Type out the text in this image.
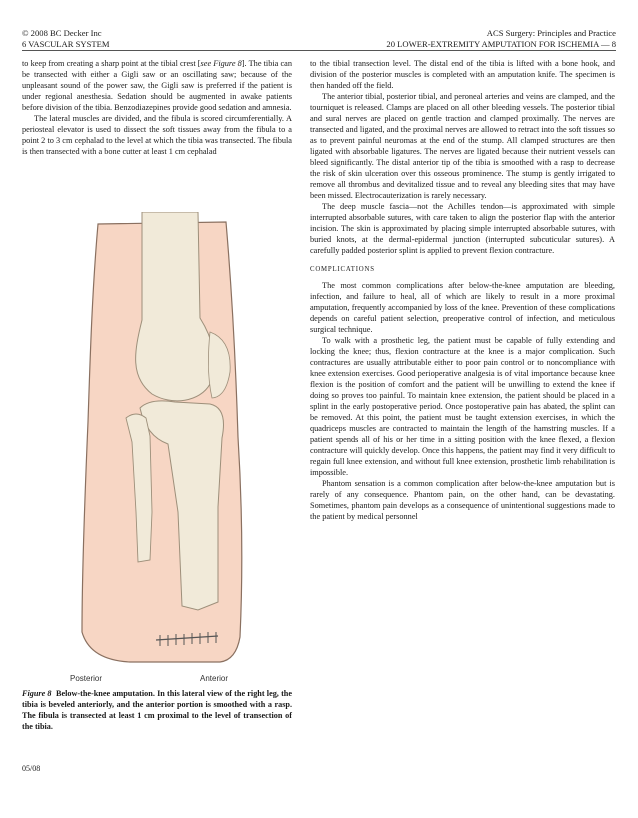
© 2008 BC Decker Inc	ACS Surgery: Principles and Practice
6 VASCULAR SYSTEM	20 LOWER-EXTREMITY AMPUTATION FOR ISCHEMIA — 8

to keep from creating a sharp point at the tibial crest [see Figure 8]. The tibia can be transected with either a Gigli saw or an oscillating saw; because of the unpleasant sound of the power saw, the Gigli saw is preferred if the patient is under regional anesthesia. Sedation should be augmented in awake patients before division of the tibia. Benzodiazepines provide good sedation and amnesia.

The lateral muscles are divided, and the fibula is scored circumferentially. A periosteal elevator is used to dissect the soft tissues away from the fibula to a point 2 to 3 cm cephalad to the level at which the tibia was transected. The fibula is then transected with a bone cutter at least 1 cm cephalad

Posterior	Anterior
Figure 8 Below-the-knee amputation. In this lateral view of the right leg, the tibia is beveled anteriorly, and the anterior portion is smoothed with a rasp. The fibula is transected at least 1 cm proximal to the level of transection of the tibia.

to the tibial transection level. The distal end of the tibia is lifted with a bone hook, and division of the posterior muscles is completed with an amputation knife. The specimen is then handed off the field.

The anterior tibial, posterior tibial, and peroneal arteries and veins are clamped, and the tourniquet is released. Clamps are placed on all other bleeding vessels. The posterior tibial and sural nerves are placed on gentle traction and clamped proximally. The nerves are transected and ligated, and the proximal nerves are allowed to retract into the soft tissues so as to prevent painful neuromas at the end of the stump. All clamped structures are then ligated with absorbable ligatures. The nerves are ligated because their nutrient vessels can bleed significantly. The distal anterior tip of the tibia is smoothed with a rasp to decrease the risk of skin ulceration over this osseous prominence. The stump is gently irrigated to remove all thrombus and devitalized tissue and to reveal any bleeding sites that may have been missed. Electrocauterization is rarely necessary.

The deep muscle fascia—not the Achilles tendon—is approximated with simple interrupted absorbable sutures, with care taken to align the posterior flap with the anterior incision. The skin is approximated by placing simple interrupted absorbable sutures, with buried knots, at the dermal-epidermal junction (interrupted subcuticular sutures). A carefully padded posterior splint is applied to prevent flexion contracture.

COMPLICATIONS

The most common complications after below-the-knee amputation are bleeding, infection, and failure to heal, all of which are likely to result in a more proximal amputation, frequently accompanied by loss of the knee. Prevention of these complications depends on careful patient selection, preoperative control of infection, and meticulous surgical technique.

To walk with a prosthetic leg, the patient must be capable of fully extending and locking the knee; thus, flexion contracture at the knee is a major complication. Such contractures are usually attributable either to poor pain control or to noncompliance with knee extension exercises. Good perioperative analgesia is of vital importance because knee flexion is the position of comfort and the patient will be unwilling to extend the knee if doing so proves too painful. To maintain knee extension, the patient should be placed in a splint in the early postoperative period. Once postoperative pain has abated, the splint can be removed. At this point, the patient must be taught extension exercises, in which the quadriceps muscles are contracted to maintain the length of the hamstring muscles. If a patient spends all of his or her time in a sitting position with the knee flexed, a flexion contracture will quickly develop. Once this happens, the patient may find it very difficult to regain full knee extension, and without full knee extension, prosthetic limb rehabilitation is impossible.

Phantom sensation is a common complication after below-the-knee amputation but is rarely of any consequence. Phantom pain, on the other hand, can be devastating. Sometimes, phantom pain develops as a consequence of unintentional suggestions made to the patient by medical personnel

05/08
